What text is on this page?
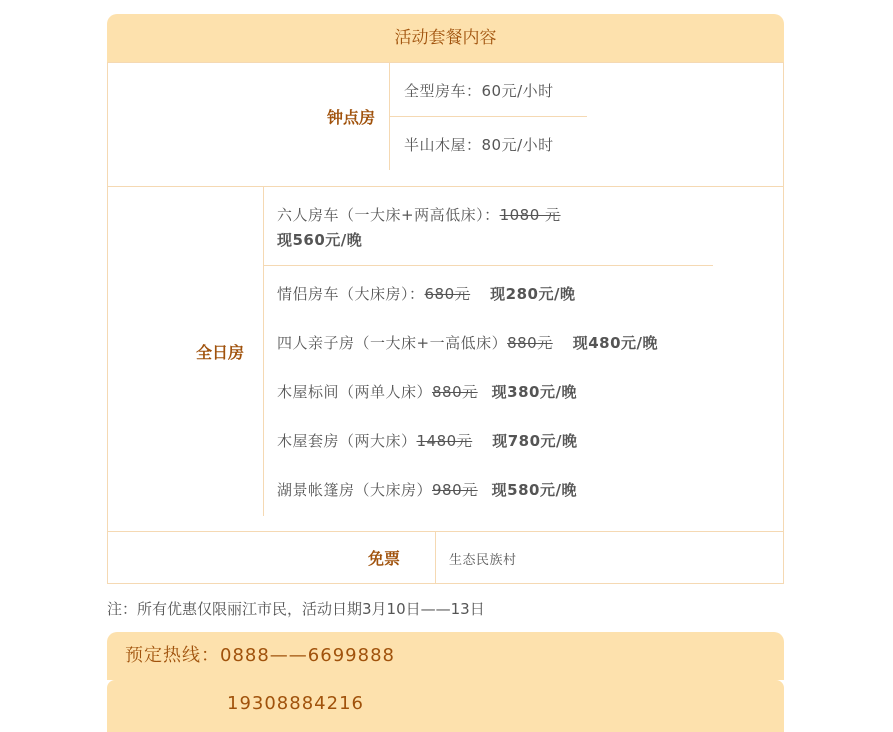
活动套餐内容
钟点房
全型房车：60元/小时
半山木屋：80元/小时
全日房
六人房车（一大床+两高低床）：1080 元
现560元/晚
情侣房车（大床房）：680元 现280元/晚
四人亲子房（一大床+一高低床）880元 现480元/晚
木屋标间（两单人床）880元 现380元/晚
木屋套房（两大床）1480元 现780元/晚
湖景帐篷房（大床房）980元 现580元/晚
免票	生态民族村
注：所有优惠仅限丽江市民，活动日期3月10日——13日
预定热线：0888——6699888
19308884216
